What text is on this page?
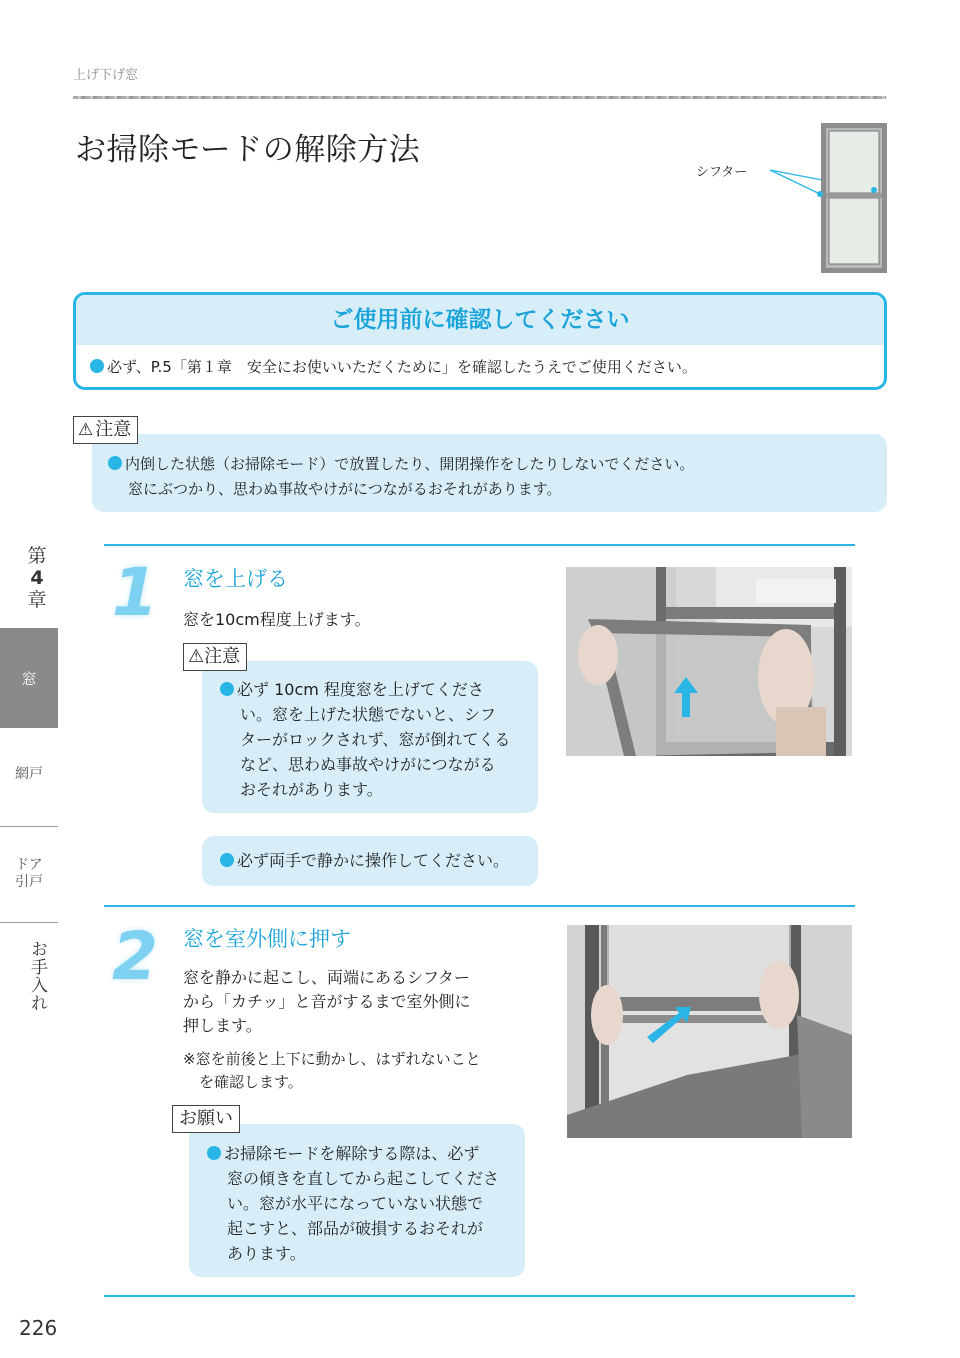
上げ下げ窓
お掃除モードの解除方法
シフター
ご使用前に確認してください
必ず、P.5「第１章　安全にお使いいただくために」を確認したうえでご使用ください。
⚠ 注意
内倒した状態（お掃除モード）で放置したり、開閉操作をしたりしないでください。
窓にぶつかり、思わぬ事故やけがにつながるおそれがあります。
第
4
章
窓
網戸
ドア
引戸
お手入れ
1 窓を上げる
窓を10cm程度上げます。
⚠注意
必ず 10cm 程度窓を上げてくださ
い。窓を上げた状態でないと、シフ
ターがロックされず、窓が倒れてくる
など、思わぬ事故やけがにつながる
おそれがあります。
必ず両手で静かに操作してください。
2 窓を室外側に押す
窓を静かに起こし、両端にあるシフター
から「カチッ」と音がするまで室外側に
押します。
※窓を前後と上下に動かし、はずれないこと
を確認します。
お願い
お掃除モードを解除する際は、必ず
窓の傾きを直してから起こしてくださ
い。窓が水平になっていない状態で
起こすと、部品が破損するおそれが
あります。
226
